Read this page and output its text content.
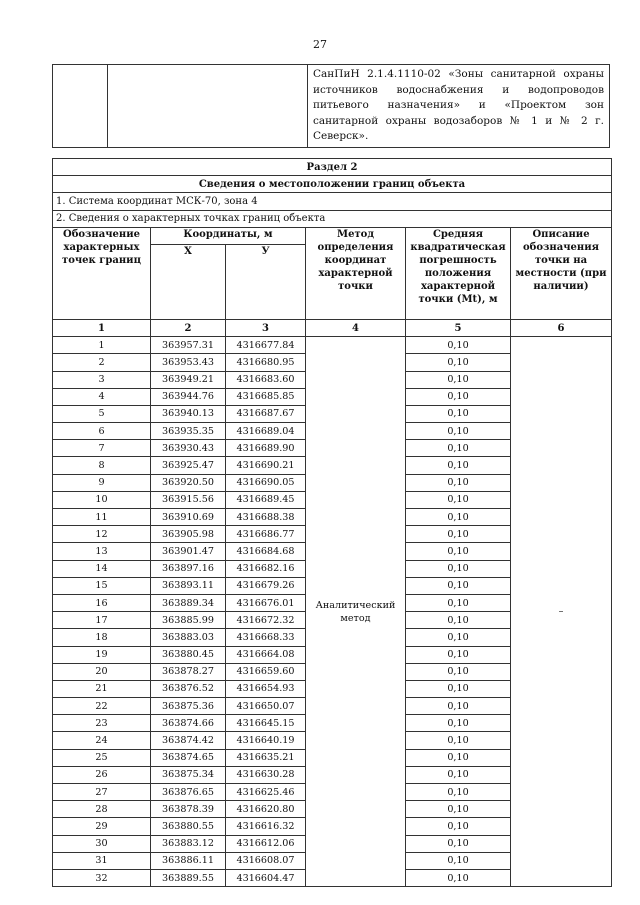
27
		СанПиН 2.1.4.1110-02 «Зоны санитарной охраны источников водоснабжения и водопроводов питьевого назначения» и «Проектом зон санитарной охраны водозаборов № 1 и № 2 г. Северск».
Раздел 2					
Сведения о местоположении границ объекта					
1. Система координат МСК-70, зона 4					
2. Сведения о характерных точках границ объекта					
Обозначение характерных точек границ	Координаты, м		Метод определения координат характерной точки	Средняя квадратическая погрешность положения характерной точки (Mt), м	Описание обозначения точки на местности (при наличии)
	Х	У			
1	2	3	4	5	6
1	363957.31	4316677.84	Аналитический метод	0,10	–
2	363953.43	4316680.95		0,10	
3	363949.21	4316683.60		0,10	
4	363944.76	4316685.85		0,10	
5	363940.13	4316687.67		0,10	
6	363935.35	4316689.04		0,10	
7	363930.43	4316689.90		0,10	
8	363925.47	4316690.21		0,10	
9	363920.50	4316690.05		0,10	
10	363915.56	4316689.45		0,10	
11	363910.69	4316688.38		0,10	
12	363905.98	4316686.77		0,10	
13	363901.47	4316684.68		0,10	
14	363897.16	4316682.16		0,10	
15	363893.11	4316679.26		0,10	
16	363889.34	4316676.01		0,10	
17	363885.99	4316672.32		0,10	
18	363883.03	4316668.33		0,10	
19	363880.45	4316664.08		0,10	
20	363878.27	4316659.60		0,10	
21	363876.52	4316654.93		0,10	
22	363875.36	4316650.07		0,10	
23	363874.66	4316645.15		0,10	
24	363874.42	4316640.19		0,10	
25	363874.65	4316635.21		0,10	
26	363875.34	4316630.28		0,10	
27	363876.65	4316625.46		0,10	
28	363878.39	4316620.80		0,10	
29	363880.55	4316616.32		0,10	
30	363883.12	4316612.06		0,10	
31	363886.11	4316608.07		0,10	
32	363889.55	4316604.47		0,10	
